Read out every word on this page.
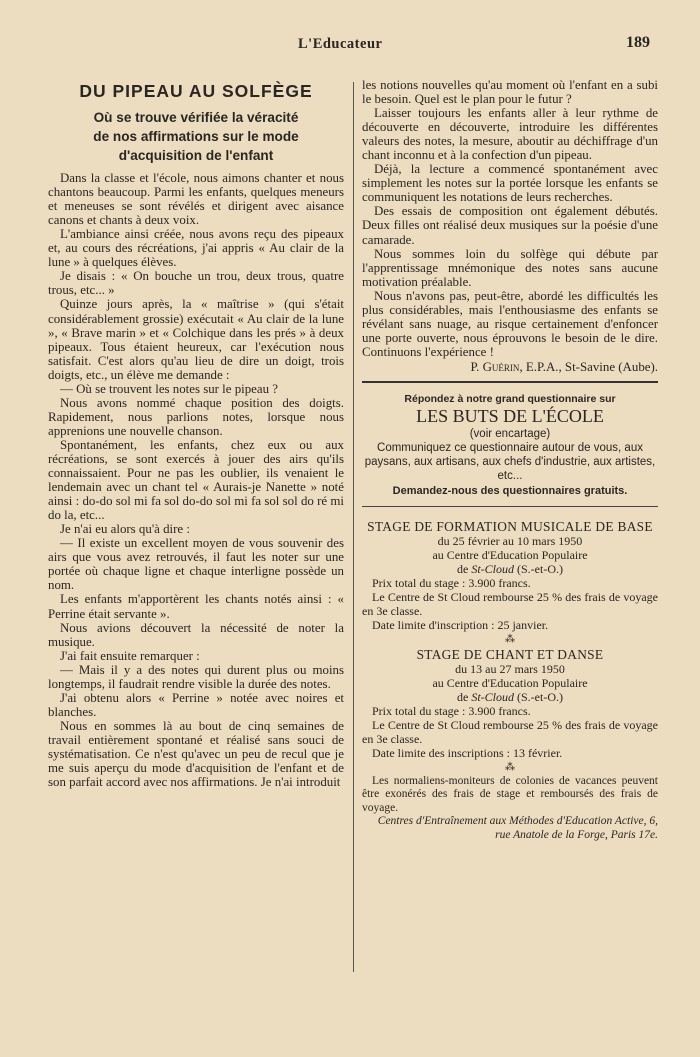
L'Educateur	189
DU PIPEAU AU SOLFÈGE
Où se trouve vérifiée la véracité
de nos affirmations sur le mode
d'acquisition de l'enfant

Dans la classe et l'école, nous aimons chanter et nous chantons beaucoup. Parmi les enfants, quelques meneurs et meneuses se sont révélés et dirigent avec aisance canons et chants à deux voix.

L'ambiance ainsi créée, nous avons reçu des pipeaux et, au cours des récréations, j'ai appris « Au clair de la lune » à quelques élèves.

Je disais : « On bouche un trou, deux trous, quatre trous, etc... »

Quinze jours après, la « maîtrise » (qui s'était considérablement grossie) exécutait « Au clair de la lune », « Brave marin » et « Colchique dans les prés » à deux pipeaux. Tous étaient heureux, car l'exécution nous satisfait. C'est alors qu'au lieu de dire un doigt, trois doigts, etc., un élève me demande :

— Où se trouvent les notes sur le pipeau ?

Nous avons nommé chaque position des doigts. Rapidement, nous parlions notes, lorsque nous apprenions une nouvelle chanson.

Spontanément, les enfants, chez eux ou aux récréations, se sont exercés à jouer des airs qu'ils connaissaient. Pour ne pas les oublier, ils venaient le lendemain avec un chant tel « Aurais-je Nanette » noté ainsi : do-do sol mi fa sol do-do sol mi fa sol sol do ré mi do la, etc...

Je n'ai eu alors qu'à dire :

— Il existe un excellent moyen de vous souvenir des airs que vous avez retrouvés, il faut les noter sur une portée où chaque ligne et chaque interligne possède un nom.

Les enfants m'apportèrent les chants notés ainsi : « Perrine était servante ».

Nous avions découvert la nécessité de noter la musique.

J'ai fait ensuite remarquer :

— Mais il y a des notes qui durent plus ou moins longtemps, il faudrait rendre visible la durée des notes.

J'ai obtenu alors « Perrine » notée avec noires et blanches.

Nous en sommes là au bout de cinq semaines de travail entièrement spontané et réalisé sans souci de systématisation. Ce n'est qu'avec un peu de recul que je me suis aperçu du mode d'acquisition de l'enfant et de son parfait accord avec nos affirmations. Je n'ai introduit

les notions nouvelles qu'au moment où l'enfant en a subi le besoin. Quel est le plan pour le futur ?

Laisser toujours les enfants aller à leur rythme de découverte en découverte, introduire les différentes valeurs des notes, la mesure, aboutir au déchiffrage d'un chant inconnu et à la confection d'un pipeau.

Déjà, la lecture a commencé spontanément avec simplement les notes sur la portée lorsque les enfants se communiquent les notations de leurs recherches.

Des essais de composition ont également débutés. Deux filles ont réalisé deux musiques sur la poésie d'une camarade.

Nous sommes loin du solfège qui débute par l'apprentissage mnémonique des notes sans aucune motivation préalable.

Nous n'avons pas, peut-être, abordé les difficultés les plus considérables, mais l'enthousiasme des enfants se révélant sans nuage, au risque certainement d'enfoncer une porte ouverte, nous éprouvons le besoin de le dire. Continuons l'expérience !

P. Guérin, E.P.A., St-Savine (Aube).
Répondez à notre grand questionnaire sur
LES BUTS DE L'ÉCOLE
(voir encartage)
Communiquez ce questionnaire autour de vous, aux paysans, aux artisans, aux chefs d'industrie, aux artistes, etc...
Demandez-nous des questionnaires gratuits.
STAGE DE FORMATION MUSICALE DE BASE
du 25 février au 10 mars 1950
au Centre d'Education Populaire
de St-Cloud (S.-et-O.)

Prix total du stage : 3.900 francs.

Le Centre de St Cloud rembourse 25 % des frais de voyage en 3e classe.

Date limite d'inscription : 25 janvier.

⁂
STAGE DE CHANT ET DANSE
du 13 au 27 mars 1950
au Centre d'Education Populaire
de St-Cloud (S.-et-O.)

Prix total du stage : 3.900 francs.

Le Centre de St Cloud rembourse 25 % des frais de voyage en 3e classe.

Date limite des inscriptions : 13 février.

⁂

Les normaliens-moniteurs de colonies de vacances peuvent être exonérés des frais de stage et remboursés des frais de voyage.

Centres d'Entraînement aux Méthodes d'Education Active, 6, rue Anatole de la Forge, Paris 17e.
